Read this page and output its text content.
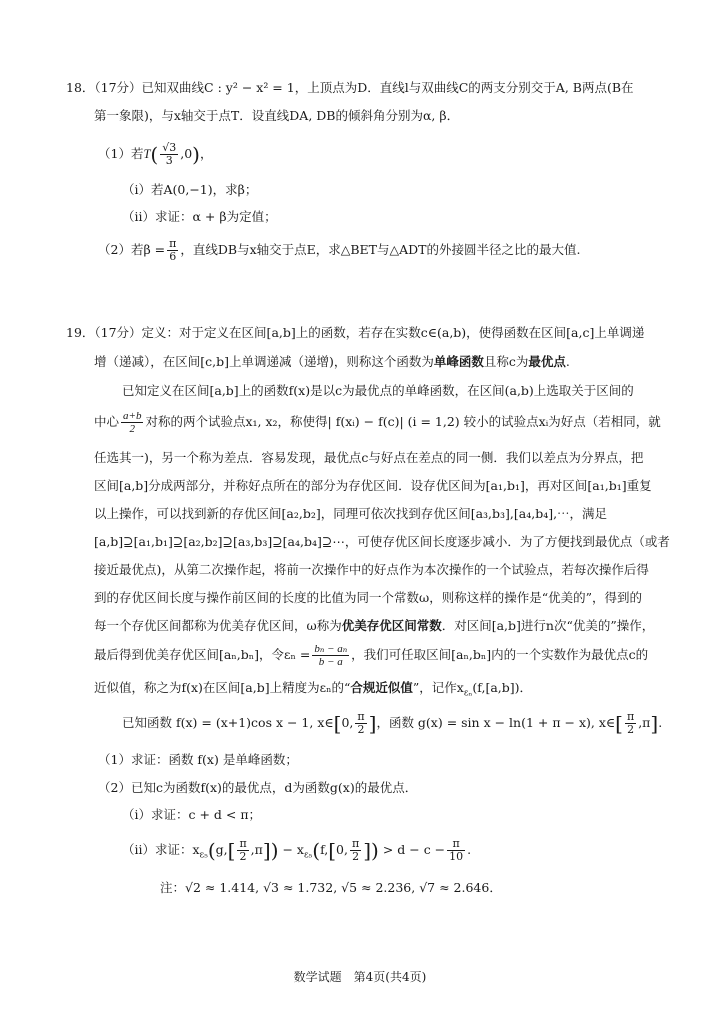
18．（17分）已知双曲线C : y² − x² = 1，上顶点为D．直线l与双曲线C的两支分别交于A, B两点(B在
第一象限)，与x轴交于点T．设直线DA, DB的倾斜角分别为α, β．
（1）若$T( \frac{√3}{3} ,0)$，
（i）若A(0,−1)，求β；
（ii）求证：α + β为定值；
（2）若$\beta = \frac{\pi}{6}$ ，直线DB与x轴交于点E，求△BET与△ADT的外接圆半径之比的最大值.
19．（17分）定义：对于定义在区间[a,b]上的函数，若存在实数c∈(a,b)，使得函数在区间[a,c]上单调递
增（递减），在区间[c,b]上单调递减（递增)，则称这个函数为单峰函数且称c为最优点.
已知定义在区间[a,b]上的函数f(x)是以c为最优点的单峰函数，在区间(a,b)上选取关于区间的
中心 $\frac{a+b}{2}$ 对称的两个试验点x₁, x₂，称使得| f(xᵢ) − f(c)| (i = 1,2) 较小的试验点xᵢ为好点（若相同，就
任选其一)，另一个称为差点．容易发现，最优点c与好点在差点的同一侧．我们以差点为分界点，把
区间[a,b]分成两部分，并称好点所在的部分为存优区间．设存优区间为[a₁,b₁]，再对区间[a₁,b₁]重复
以上操作，可以找到新的存优区间[a₂,b₂]，同理可依次找到存优区间[a₃,b₃],[a₄,b₄],⋯，满足
[a,b]⊇[a₁,b₁]⊇[a₂,b₂]⊇[a₃,b₃]⊇[a₄,b₄]⊇⋯，可使存优区间长度逐步减小．为了方便找到最优点（或者
接近最优点)，从第二次操作起，将前一次操作中的好点作为本次操作的一个试验点，若每次操作后得
到的存优区间长度与操作前区间的长度的比值为同一个常数ω，则称这样的操作是“优美的”，得到的
每一个存优区间都称为优美存优区间，ω称为优美存优区间常数．对区间[a,b]进行n次“优美的”操作，
最后得到优美存优区间[aₙ,bₙ]，令$\varepsilon_n = \frac{\text{bₙ − aₙ}}{b - a}$ ，我们可任取区间[aₙ,bₙ]内的一个实数作为最优点c的
近似值，称之为f(x)在区间[a,b]上精度为εₙ的“合规近似值”，记作$x_{\varepsilon_n}(f,[a,b])$．
已知函数 f(x) = (x+1)cos x − 1, x∈[0, $\frac{\pi}{2}$ ]，函数 g(x) = sin x − ln(1 + π − x), x∈[ $\frac{\pi}{2} ,\pi$].
（1）求证：函数 f(x) 是单峰函数；
（2）已知c为函数f(x)的最优点，d为函数g(x)的最优点．
（i）求证：c + d < π；
（ii）求证：$x_{\varepsilon_5}(g,[ \frac{\pi}{2} ,\pi]) - x_{\varepsilon_5}(f,[0$, $\frac{\pi}{2}$ ]) > $d - c - \frac{\pi}{10}$ .
注：√2 ≈ 1.414, √3 ≈ 1.732, √5 ≈ 2.236, √7 ≈ 2.646．
数学试题　第4页(共4页)
